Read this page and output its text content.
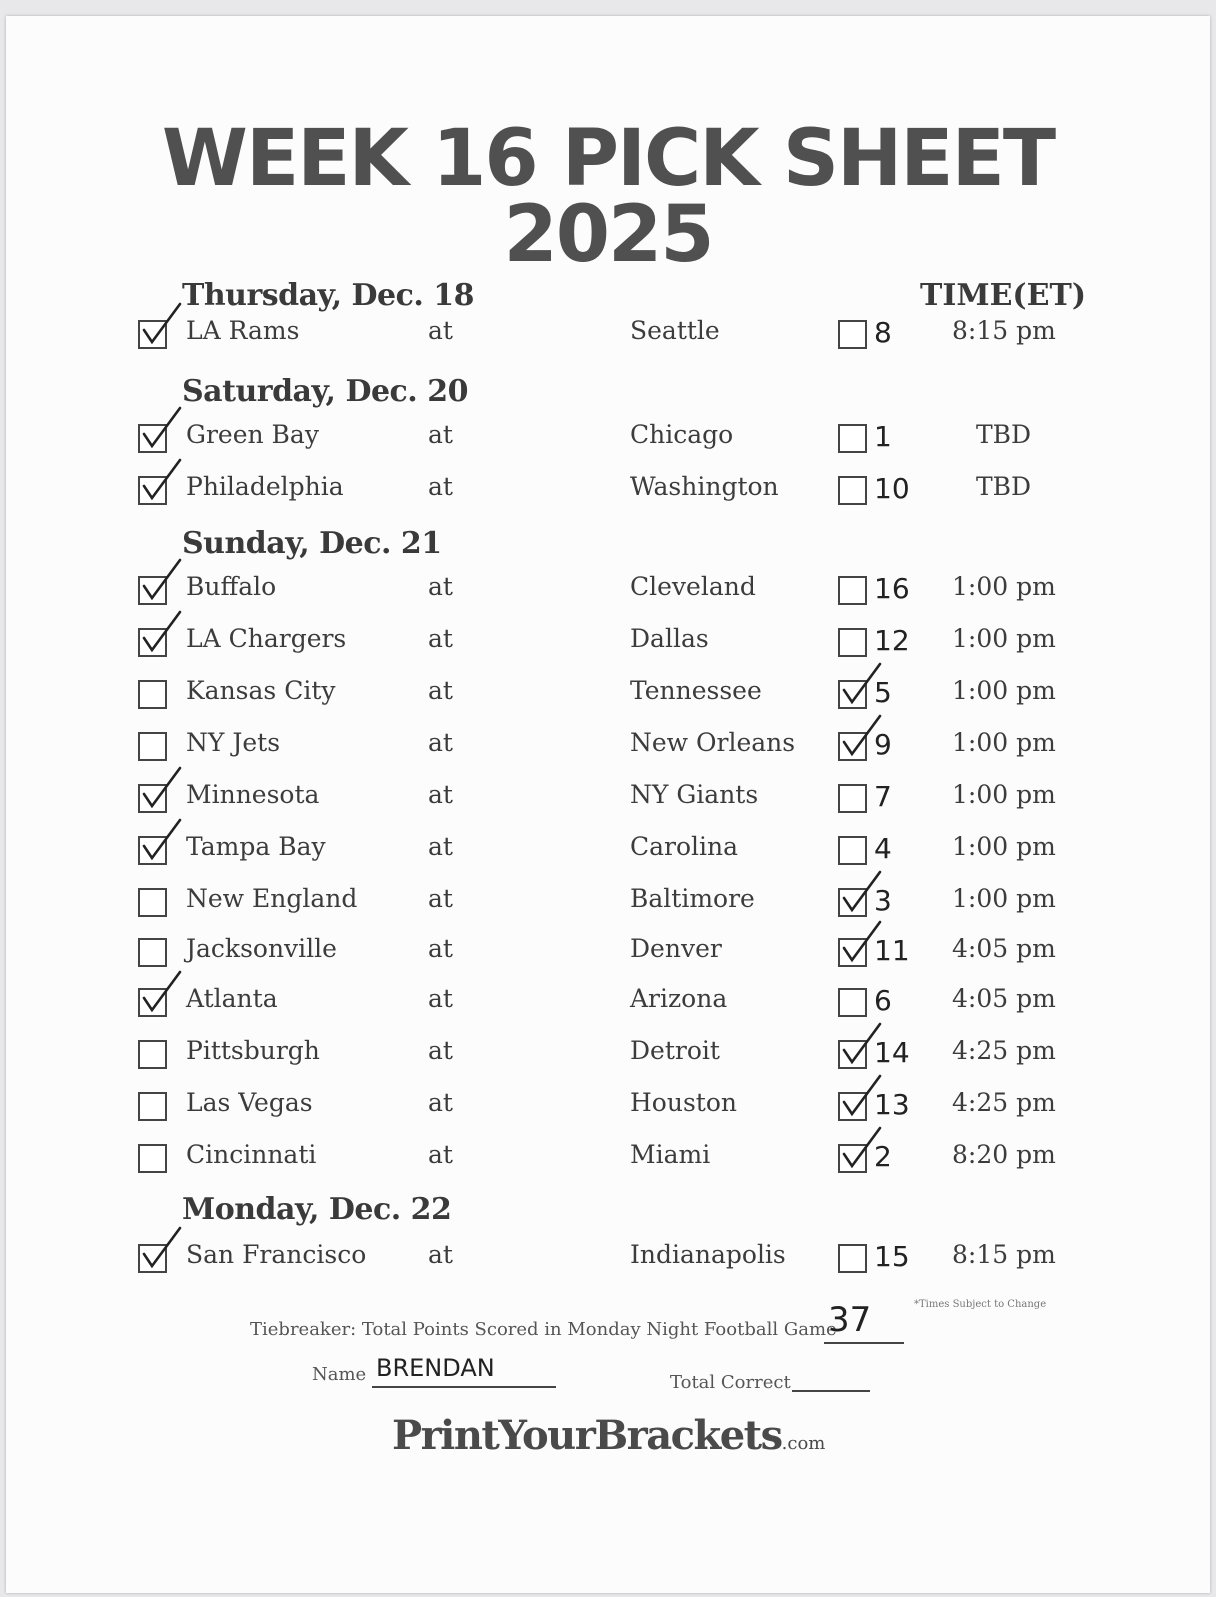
WEEK 16 PICK SHEET
2025
TIME(ET)
Thursday, Dec. 18
LA Rams	at	Seattle	8 8:15 pm
Saturday, Dec. 20
Green Bay	at	Chicago	1	TBD
Philadelphia	at	Washington	10	TBD
Sunday, Dec. 21
Buffalo	at	Cleveland	16 1:00 pm
LA Chargers	at	Dallas	12 1:00 pm
Kansas City	at	Tennessee	5 1:00 pm
NY Jets	at	New Orleans	9 1:00 pm
Minnesota	at	NY Giants	7 1:00 pm
Tampa Bay	at	Carolina	4 1:00 pm
New England	at	Baltimore	3 1:00 pm
Jacksonville	at	Denver	11 4:05 pm
Atlanta	at	Arizona	6 4:05 pm
Pittsburgh	at	Detroit	14 4:25 pm
Las Vegas	at	Houston	13 4:25 pm
Cincinnati	at	Miami	2 8:20 pm
Monday, Dec. 22
San Francisco at	Indianapolis	15 8:15 pm
*Times Subject to Change
Tiebreaker: Total Points Scored in Monday Night Football Game
37
Name BRENDAN
Total Correct
PrintYourBrackets.com
